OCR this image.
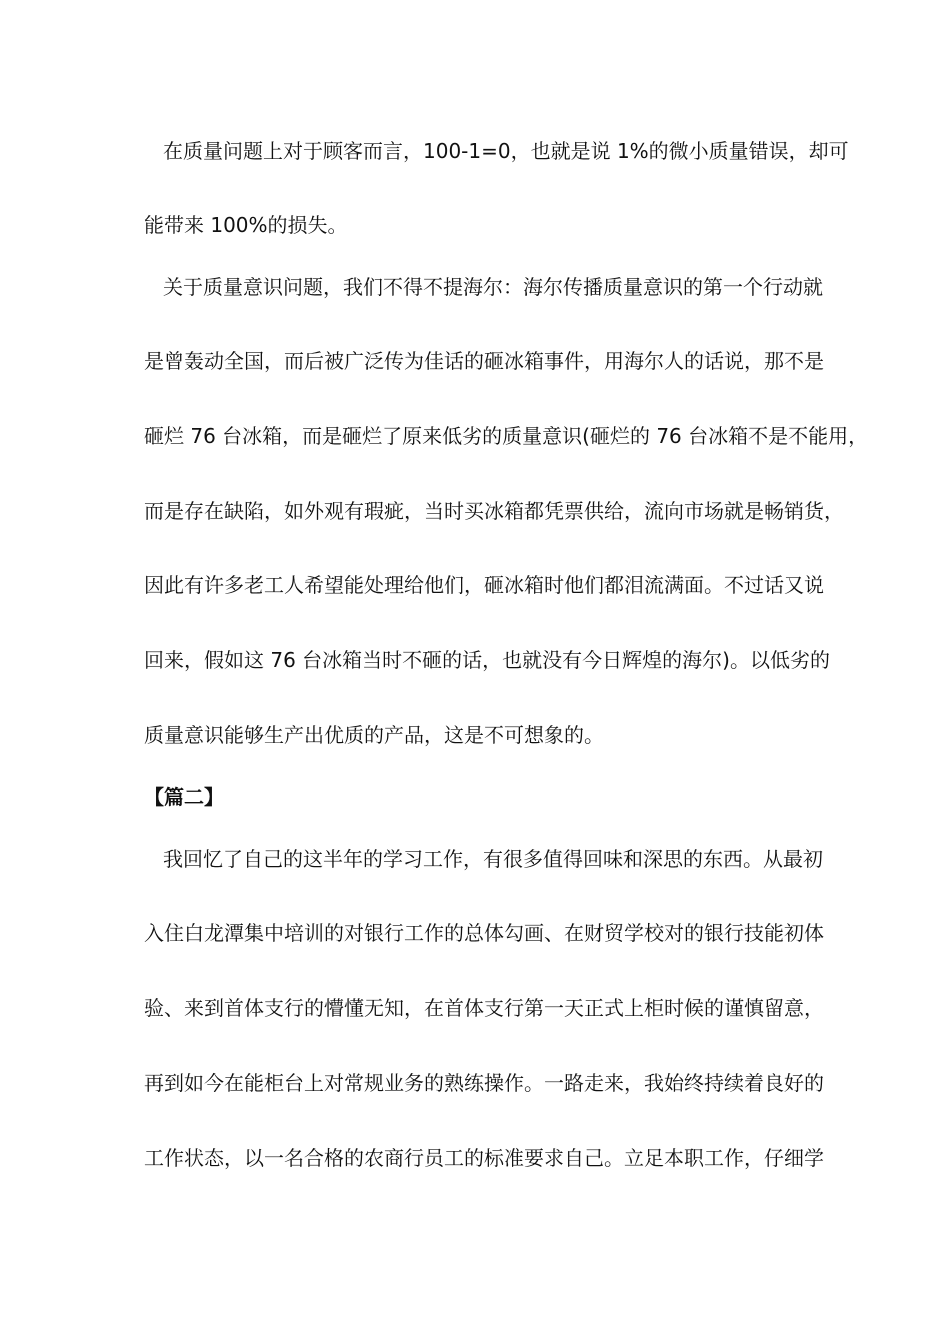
在质量问题上对于顾客而言，100-1=0，也就是说 1%的微小质量错误，却可
能带来 100%的损失。
关于质量意识问题，我们不得不提海尔：海尔传播质量意识的第一个行动就
是曾轰动全国，而后被广泛传为佳话的砸冰箱事件，用海尔人的话说，那不是
砸烂 76 台冰箱，而是砸烂了原来低劣的质量意识(砸烂的 76 台冰箱不是不能用，
而是存在缺陷，如外观有瑕疵，当时买冰箱都凭票供给，流向市场就是畅销货，
因此有许多老工人希望能处理给他们，砸冰箱时他们都泪流满面。不过话又说
回来，假如这 76 台冰箱当时不砸的话，也就没有今日辉煌的海尔)。以低劣的
质量意识能够生产出优质的产品，这是不可想象的。
【篇二】
我回忆了自己的这半年的学习工作，有很多值得回味和深思的东西。从最初
入住白龙潭集中培训的对银行工作的总体勾画、在财贸学校对的银行技能初体
验、来到首体支行的懵懂无知，在首体支行第一天正式上柜时候的谨慎留意，
再到如今在能柜台上对常规业务的熟练操作。一路走来，我始终持续着良好的
工作状态，以一名合格的农商行员工的标准要求自己。立足本职工作，仔细学
